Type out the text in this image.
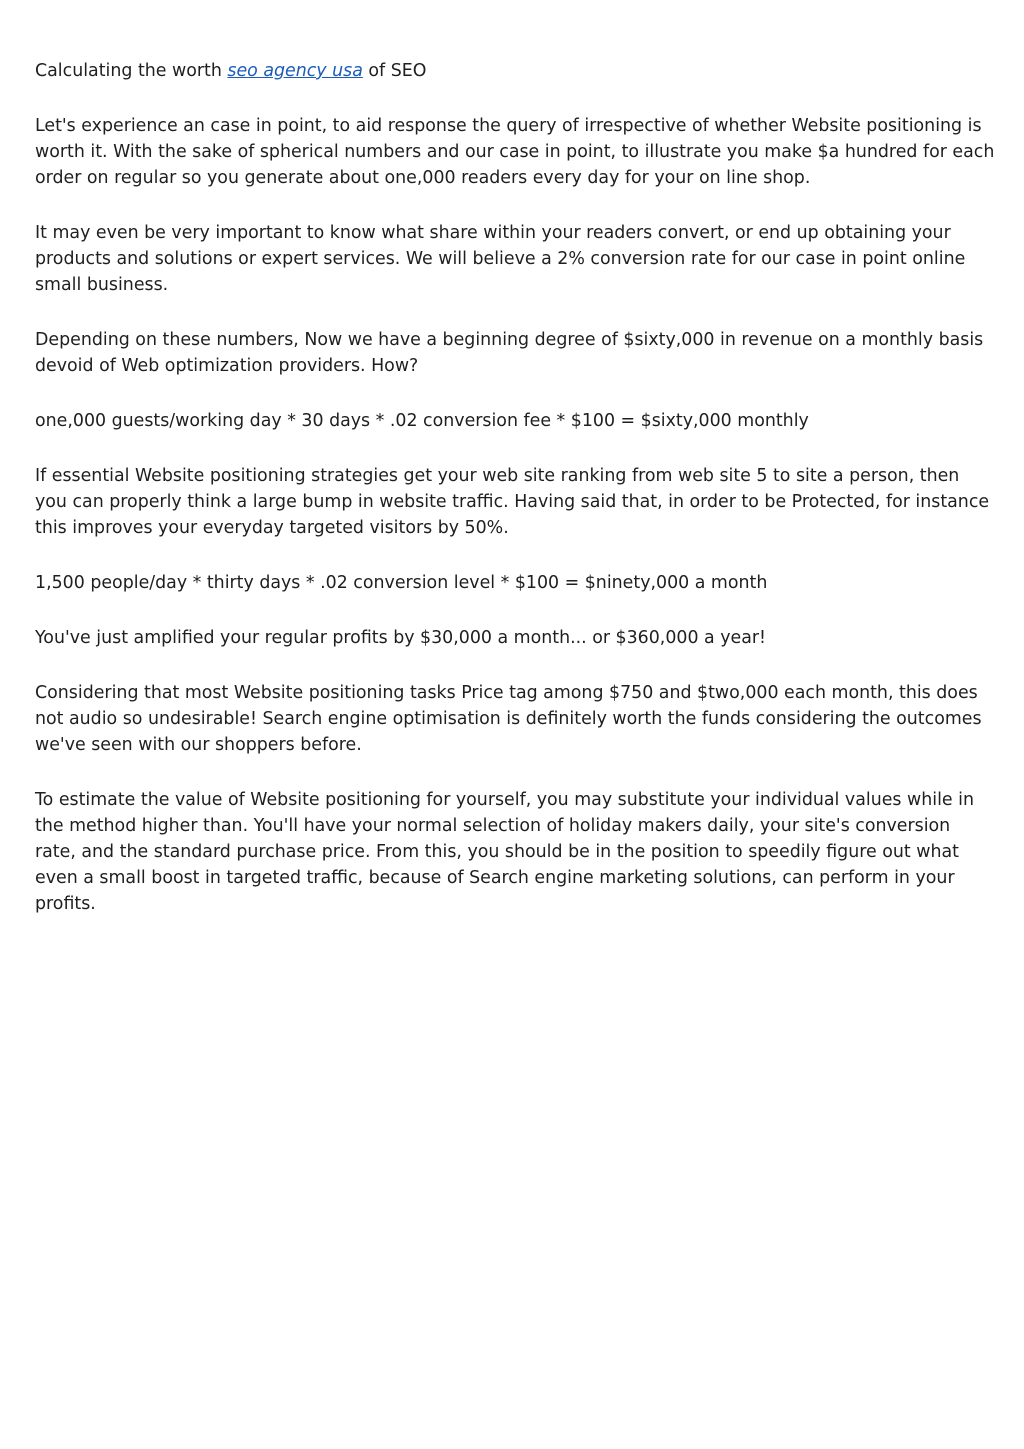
Calculating the worth seo agency usa of SEO

Let's experience an case in point, to aid response the query of irrespective of whether Website positioning is worth it. With the sake of spherical numbers and our case in point, to illustrate you make $a hundred for each order on regular so you generate about one,000 readers every day for your on line shop.

It may even be very important to know what share within your readers convert, or end up obtaining your products and solutions or expert services. We will believe a 2% conversion rate for our case in point online small business.

Depending on these numbers, Now we have a beginning degree of $sixty,000 in revenue on a monthly basis devoid of Web optimization providers. How?

one,000 guests/working day * 30 days * .02 conversion fee * $100 = $sixty,000 monthly

If essential Website positioning strategies get your web site ranking from web site 5 to site a person, then you can properly think a large bump in website traffic. Having said that, in order to be Protected, for instance this improves your everyday targeted visitors by 50%.

1,500 people/day * thirty days * .02 conversion level * $100 = $ninety,000 a month

You've just amplified your regular profits by $30,000 a month... or $360,000 a year!

Considering that most Website positioning tasks Price tag among $750 and $two,000 each month, this does not audio so undesirable! Search engine optimisation is definitely worth the funds considering the outcomes we've seen with our shoppers before.

To estimate the value of Website positioning for yourself, you may substitute your individual values while in the method higher than. You'll have your normal selection of holiday makers daily, your site's conversion rate, and the standard purchase price. From this, you should be in the position to speedily figure out what even a small boost in targeted traffic, because of Search engine marketing solutions, can perform in your profits.
